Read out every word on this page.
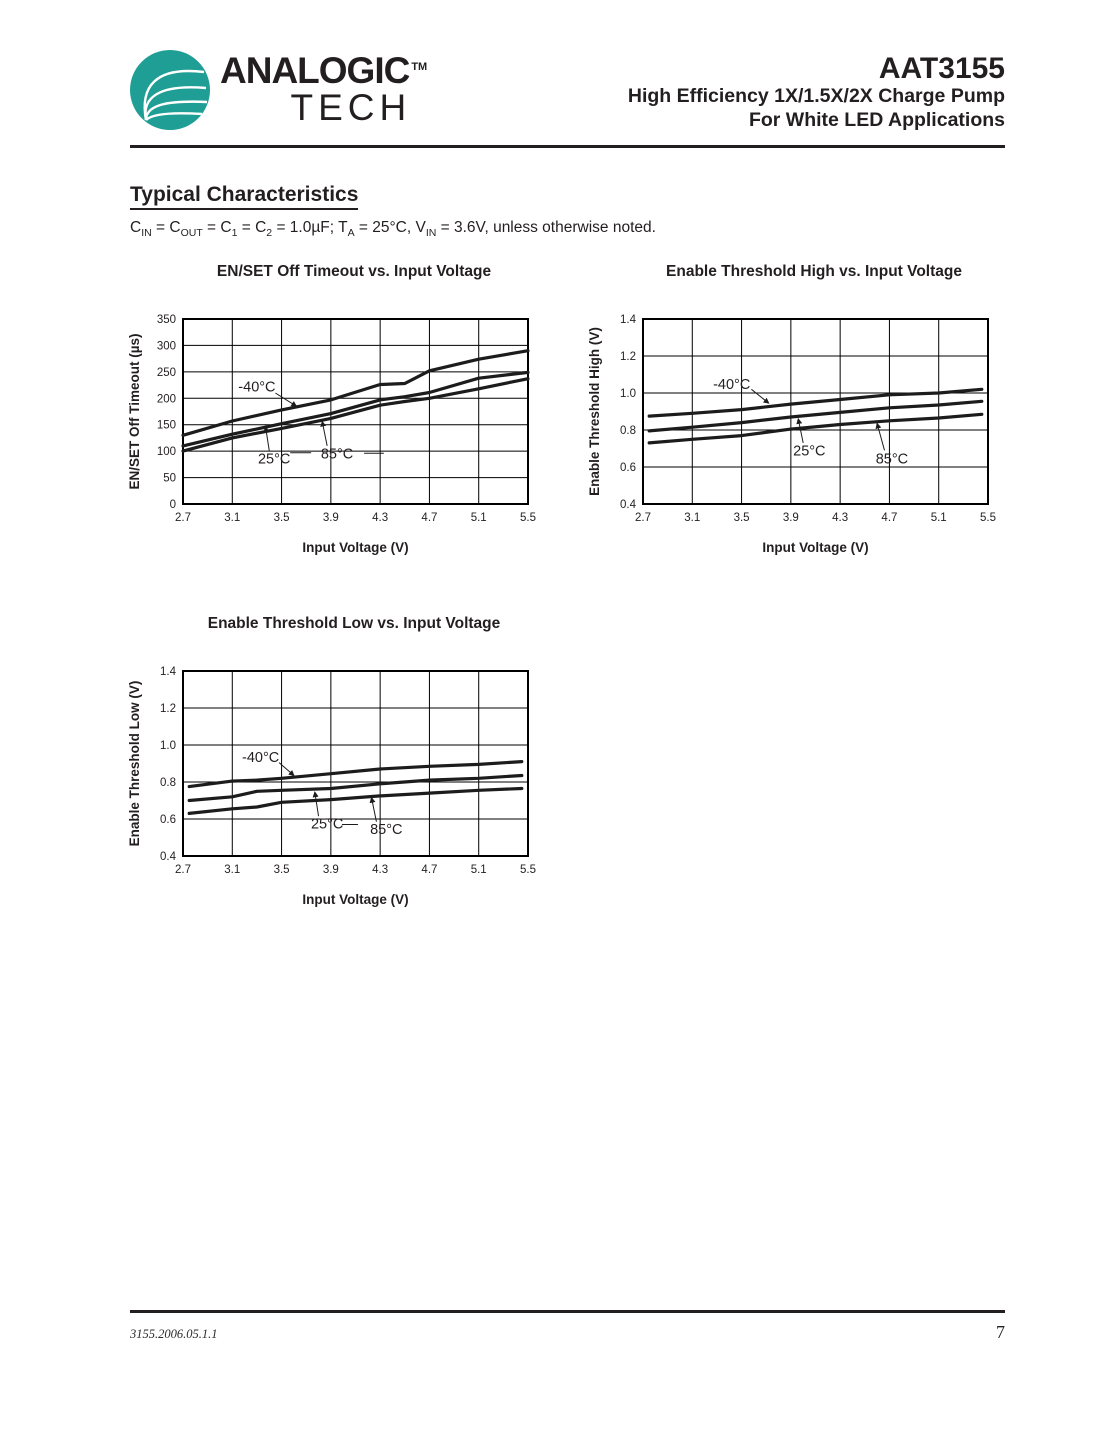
ANALOGIC ™
TECH
AAT3155
High Efficiency 1X/1.5X/2X Charge Pump
For White LED Applications
Typical Characteristics

$C_{IN} = C_{OUT} = C_1 = C_2 = 1.0\mu F$; $T_A = 25^\circ C$, $V_{IN} = 3.6V$, unless otherwise noted.

EN/SET Off Timeout vs. Input Voltage
2.7	3.1	3.5	3.9	4.3	4.7	5.1	5.5
0
50
100
150
200
250
300
350
-40°C
25°C 85°C
Input Voltage (V)
EN/SET Off Timeout (µs)
Enable Threshold High vs. Input Voltage
2.7	3.1	3.5	3.9	4.3	4.7	5.1	5.5
0.4
0.6
0.8
1.0
1.2
1.4
-40°C
25°C
85°C
Input Voltage (V)
Enable Threshold High (V)
Enable Threshold Low vs. Input Voltage
2.7	3.1	3.5	3.9	4.3	4.7	5.1	5.5
0.4
0.6
0.8
1.0
1.2
1.4
-40°C
25°C 85°C
Input Voltage (V)
Enable Threshold Low (V)
3155.2006.05.1.1	7
